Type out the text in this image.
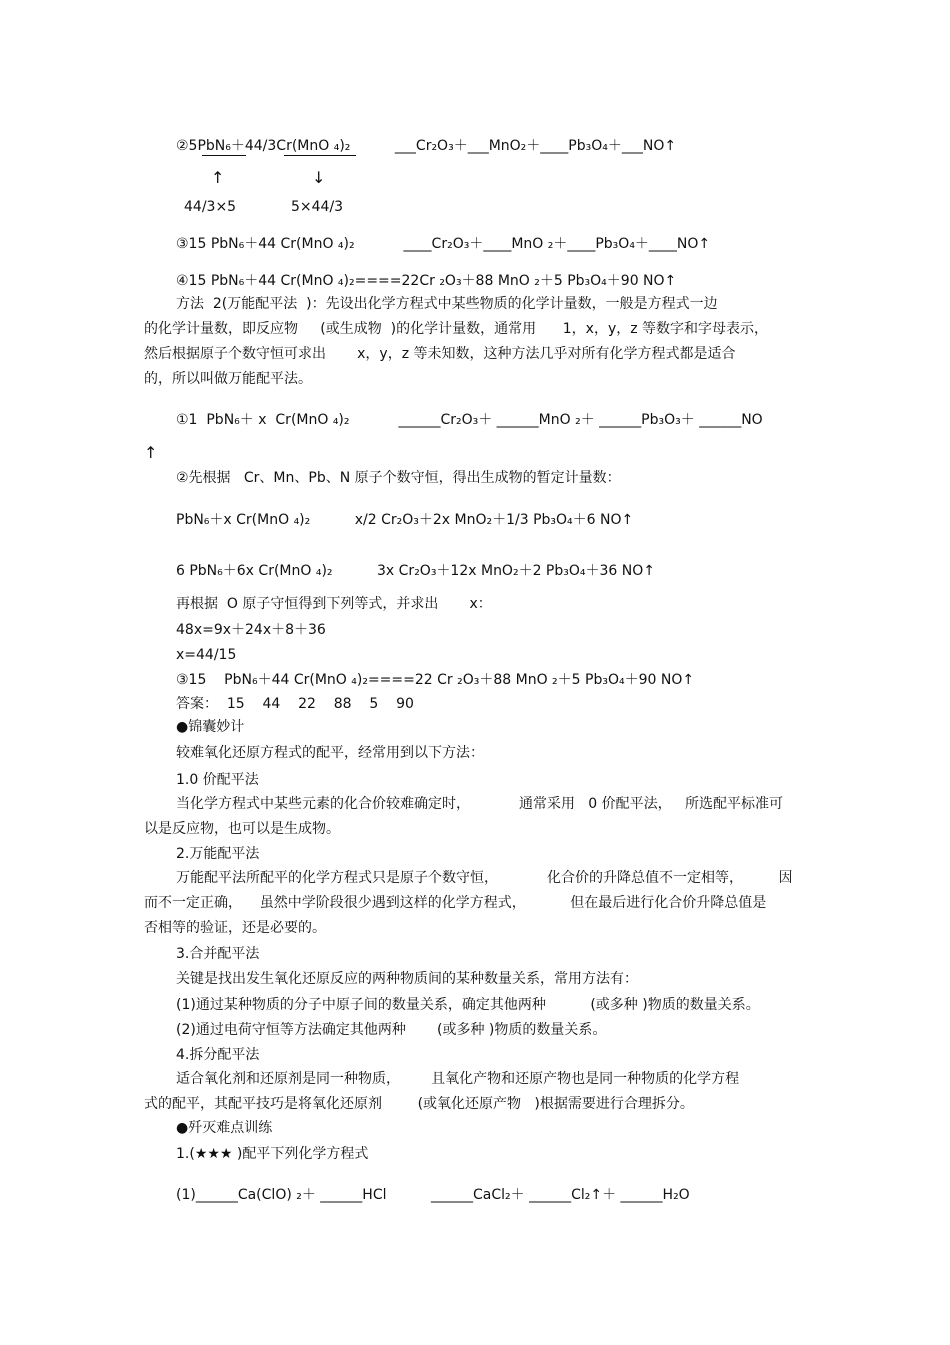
②5PbN₆＋44/3Cr(MnO ₄)₂          ___Cr₂O₃＋___MnO₂＋____Pb₃O₄＋___NO↑
↑	↓
44/3×5	5×44/3
③15 PbN₆＋44 Cr(MnO ₄)₂           ____Cr₂O₃＋____MnO ₂＋____Pb₃O₄＋____NO↑
④15 PbN₆＋44 Cr(MnO ₄)₂====22Cr ₂O₃＋88 MnO ₂＋5 Pb₃O₄＋90 NO↑
方法  2(万能配平法  )：先设出化学方程式中某些物质的化学计量数，一般是方程式一边
的化学计量数，即反应物     (或生成物  )的化学计量数，通常用      1，x，y，z 等数字和字母表示，
然后根据原子个数守恒可求出       x，y，z 等未知数，这种方法几乎对所有化学方程式都是适合
的，所以叫做万能配平法。
①1  PbN₆＋ x  Cr(MnO ₄)₂           ______Cr₂O₃＋ ______MnO ₂＋ ______Pb₃O₃＋ ______NO
↑
②先根据   Cr、Mn、Pb、N 原子个数守恒，得出生成物的暂定计量数：
PbN₆＋x Cr(MnO ₄)₂          x/2 Cr₂O₃＋2x MnO₂＋1/3 Pb₃O₄＋6 NO↑
6 PbN₆＋6x Cr(MnO ₄)₂          3x Cr₂O₃＋12x MnO₂＋2 Pb₃O₄＋36 NO↑
再根据  O 原子守恒得到下列等式，并求出       x：
48x=9x＋24x＋8＋36
x=44/15
③15    PbN₆＋44 Cr(MnO ₄)₂====22 Cr ₂O₃＋88 MnO ₂＋5 Pb₃O₄＋90 NO↑
答案：  15    44    22    88    5    90
●锦囊妙计
较难氧化还原方程式的配平，经常用到以下方法：
1.0 价配平法
当化学方程式中某些元素的化合价较难确定时，           通常采用   0 价配平法，   所选配平标准可
以是反应物，也可以是生成物。
2.万能配平法
万能配平法所配平的化学方程式只是原子个数守恒，           化合价的升降总值不一定相等，        因
而不一定正确，    虽然中学阶段很少遇到这样的化学方程式，          但在最后进行化合价升降总值是
否相等的验证，还是必要的。
3.合并配平法
关键是找出发生氧化还原反应的两种物质间的某种数量关系，常用方法有：
(1)通过某种物质的分子中原子间的数量关系，确定其他两种          (或多种 )物质的数量关系。
(2)通过电荷守恒等方法确定其他两种       (或多种 )物质的数量关系。
4.拆分配平法
适合氧化剂和还原剂是同一种物质，       且氧化产物和还原产物也是同一种物质的化学方程
式的配平，其配平技巧是将氧化还原剂        (或氧化还原产物   )根据需要进行合理拆分。
●歼灭难点训练
1.(★★★ )配平下列化学方程式
(1)______Ca(ClO) ₂＋ ______HCl          ______CaCl₂＋ ______Cl₂↑＋ ______H₂O
